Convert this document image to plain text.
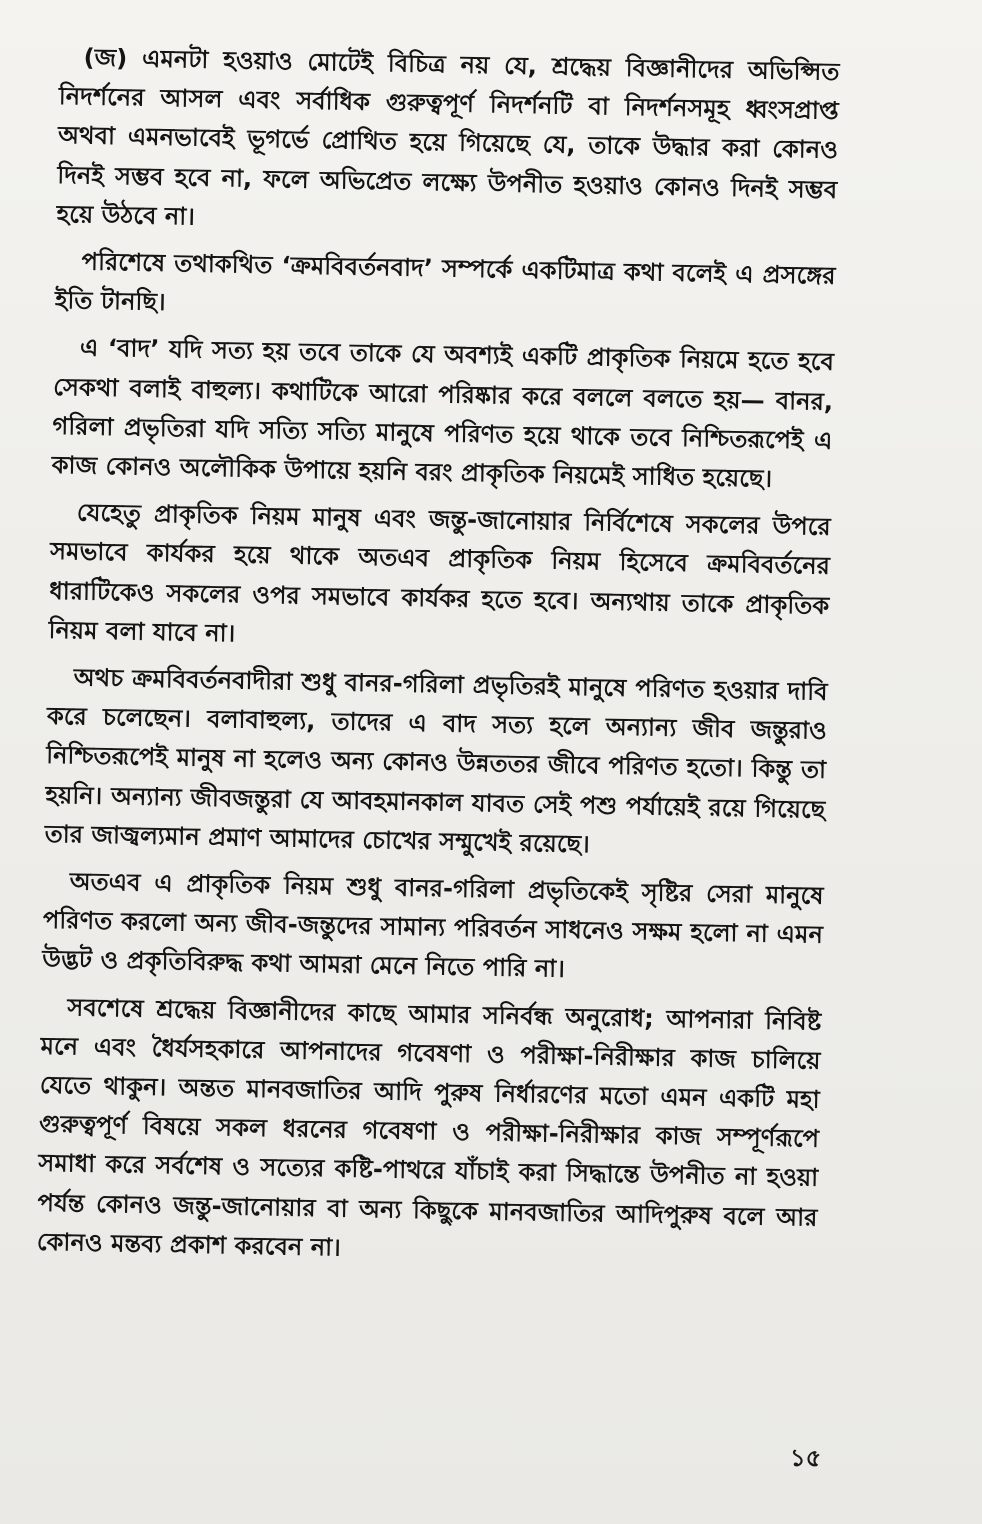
(জ) এমনটা হওয়াও মোটেই বিচিত্র নয় যে, শ্রদ্ধেয় বিজ্ঞানীদের অভিপ্সিত নিদর্শনের আসল এবং সর্বাধিক গুরুত্বপূর্ণ নিদর্শনটি বা নিদর্শনসমূহ ধ্বংসপ্রাপ্ত অথবা এমনভাবেই ভূগর্ভে প্রোথিত হয়ে গিয়েছে যে, তাকে উদ্ধার করা কোনও দিনই সম্ভব হবে না, ফলে অভিপ্রেত লক্ষ্যে উপনীত হওয়াও কোনও দিনই সম্ভব হয়ে উঠবে না।

পরিশেষে তথাকথিত ‘ক্রমবিবর্তনবাদ’ সম্পর্কে একটিমাত্র কথা বলেই এ প্রসঙ্গের ইতি টানছি।

এ ‘বাদ’ যদি সত্য হয় তবে তাকে যে অবশ্যই একটি প্রাকৃতিক নিয়মে হতে হবে সেকথা বলাই বাহুল্য। কথাটিকে আরো পরিষ্কার করে বললে বলতে হয়— বানর, গরিলা প্রভৃতিরা যদি সত্যি সত্যি মানুষে পরিণত হয়ে থাকে তবে নিশ্চিতরূপেই এ কাজ কোনও অলৌকিক উপায়ে হয়নি বরং প্রাকৃতিক নিয়মেই সাধিত হয়েছে।

যেহেতু প্রাকৃতিক নিয়ম মানুষ এবং জন্তু-জানোয়ার নির্বিশেষে সকলের উপরে সমভাবে কার্যকর হয়ে থাকে অতএব প্রাকৃতিক নিয়ম হিসেবে ক্রমবিবর্তনের ধারাটিকেও সকলের ওপর সমভাবে কার্যকর হতে হবে। অন্যথায় তাকে প্রাকৃতিক নিয়ম বলা যাবে না।

অথচ ক্রমবিবর্তনবাদীরা শুধু বানর-গরিলা প্রভৃতিরই মানুষে পরিণত হওয়ার দাবি করে চলেছেন। বলাবাহুল্য, তাদের এ বাদ সত্য হলে অন্যান্য জীব জন্তুরাও নিশ্চিতরূপেই মানুষ না হলেও অন্য কোনও উন্নততর জীবে পরিণত হতো। কিন্তু তা হয়নি। অন্যান্য জীবজন্তুরা যে আবহমানকাল যাবত সেই পশু পর্যায়েই রয়ে গিয়েছে তার জাজ্বল্যমান প্রমাণ আমাদের চোখের সম্মুখেই রয়েছে।

অতএব এ প্রাকৃতিক নিয়ম শুধু বানর-গরিলা প্রভৃতিকেই সৃষ্টির সেরা মানুষে পরিণত করলো অন্য জীব-জন্তুদের সামান্য পরিবর্তন সাধনেও সক্ষম হলো না এমন উদ্ভট ও প্রকৃতিবিরুদ্ধ কথা আমরা মেনে নিতে পারি না।

সবশেষে শ্রদ্ধেয় বিজ্ঞানীদের কাছে আমার সনির্বন্ধ অনুরোধ; আপনারা নিবিষ্ট মনে এবং ধৈর্যসহকারে আপনাদের গবেষণা ও পরীক্ষা-নিরীক্ষার কাজ চালিয়ে যেতে থাকুন। অন্তত মানবজাতির আদি পুরুষ নির্ধারণের মতো এমন একটি মহা গুরুত্বপূর্ণ বিষয়ে সকল ধরনের গবেষণা ও পরীক্ষা-নিরীক্ষার কাজ সম্পূর্ণরূপে সমাধা করে সর্বশেষ ও সত্যের কষ্টি-পাথরে যাঁচাই করা সিদ্ধান্তে উপনীত না হওয়া পর্যন্ত কোনও জন্তু-জানোয়ার বা অন্য কিছুকে মানবজাতির আদিপুরুষ বলে আর কোনও মন্তব্য প্রকাশ করবেন না।

১৫
